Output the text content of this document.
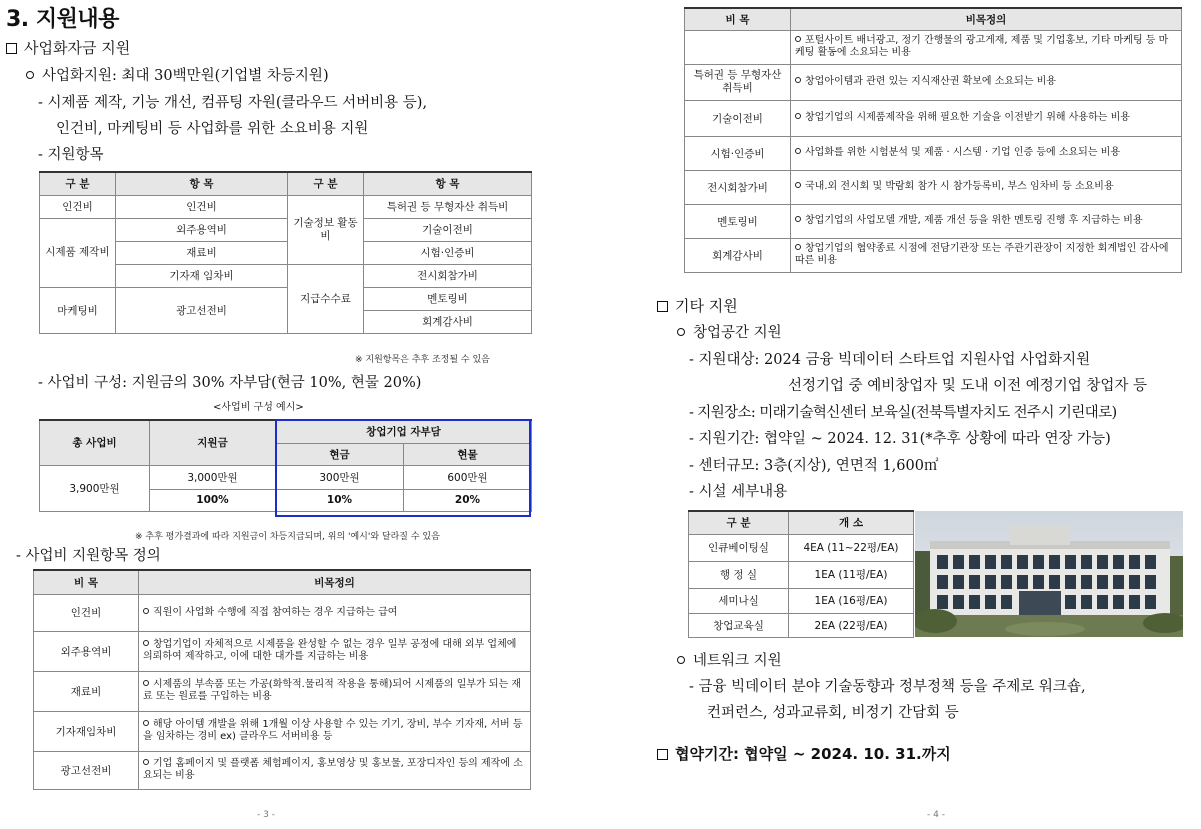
3. 지원내용
사업화자금 지원
사업화지원: 최대 30백만원(기업별 차등지원)
- 시제품 제작, 기능 개선, 컴퓨팅 자원(클라우드 서버비용 등),
인건비, 마케팅비 등 사업화를 위한 소요비용 지원
- 지원항목
구 분	항 목	구 분	항 목
인건비	인건비	기술정보 활동비	특허권 등 무형자산 취득비
시제품 제작비	외주용역비		기술이전비
	재료비		시험·인증비
	기자재 임차비	지급수수료	전시회참가비
마케팅비	광고선전비		멘토링비
			회계감사비
※ 지원항목은 추후 조정될 수 있음
- 사업비 구성: 지원금의 30% 자부담(현금 10%, 현물 20%)
<사업비 구성 예시>
총 사업비	지원금	창업기업 자부담	
		현금	현물
3,900만원	3,000만원	300만원	600만원
	100%	10%	20%
※ 추후 평가결과에 따라 지원금이 차등지급되며, 위의 '예시'와 달라질 수 있음
- 사업비 지원항목 정의
비 목	비목정의
인건비	직원이 사업화 수행에 직접 참여하는 경우 지급하는 급여
외주용역비	창업기업이 자체적으로 시제품을 완성할 수 없는 경우 일부 공정에 대해 외부 업체에 의뢰하여 제작하고, 이에 대한 대가를 지급하는 비용
재료비	시제품의 부속품 또는 가공(화학적.물리적 작용을 통해)되어 시제품의 일부가 되는 재료 또는 원료를 구입하는 비용
기자재임차비	해당 아이템 개발을 위해 1개월 이상 사용할 수 있는 기기, 장비, 부수 기자재, 서버 등을 임차하는 경비 ex) 클라우드 서버비용 등
광고선전비	기업 홈페이지 및 플랫폼 체험페이지, 홍보영상 및 홍보물, 포장디자인 등의 제작에 소요되는 비용
- 3 -
비 목	비목정의
	포털사이트 배너광고, 정기 간행물의 광고게재, 제품 및 기업홍보, 기타 마케팅 등 마케팅 활동에 소요되는 비용
특허권 등 무형자산 취득비	창업아이템과 관련 있는 지식재산권 확보에 소요되는 비용
기술이전비	창업기업의 시제품제작을 위해 필요한 기술을 이전받기 위해 사용하는 비용
시험·인증비	사업화를 위한 시험분석 및 제품 · 시스템 · 기업 인증 등에 소요되는 비용
전시회참가비	국내.외 전시회 및 박람회 참가 시 참가등록비, 부스 임차비 등 소요비용
멘토링비	창업기업의 사업모델 개발, 제품 개선 등을 위한 멘토링 진행 후 지급하는 비용
회계감사비	창업기업의 협약종료 시점에 전담기관장 또는 주관기관장이 지정한 회계법인 감사에 따른 비용
기타 지원
창업공간 지원
- 지원대상: 2024 금융 빅데이터 스타트업 지원사업 사업화지원
선정기업 중 예비창업자 및 도내 이전 예정기업 창업자 등
- 지원장소: 미래기술혁신센터 보육실(전북특별자치도 전주시 기린대로)
- 지원기간: 협약일 ~ 2024. 12. 31(*추후 상황에 따라 연장 가능)
- 센터규모: 3층(지상), 연면적 1,600㎡
- 시설 세부내용
구 분	개 소
인큐베이팅실	4EA (11~22평/EA)
행 정 실	1EA (11평/EA)
세미나실	1EA (16평/EA)
창업교육실	2EA (22평/EA)
네트워크 지원
- 금융 빅데이터 분야 기술동향과 정부정책 등을 주제로 워크숍,
컨퍼런스, 성과교류회, 비정기 간담회 등
협약기간: 협약일 ~ 2024. 10. 31.까지
- 4 -
